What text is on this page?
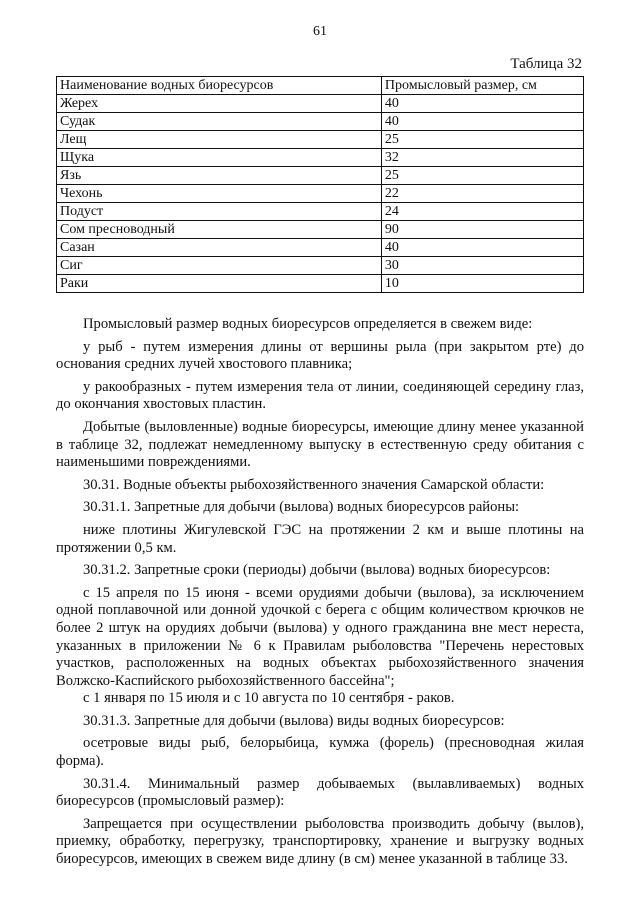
61
Таблица 32
Наименование водных биоресурсов	Промысловый размер, см
Жерех	40
Судак	40
Лещ	25
Щука	32
Язь	25
Чехонь	22
Подуст	24
Сом пресноводный	90
Сазан	40
Сиг	30
Раки	10

Промысловый размер водных биоресурсов определяется в свежем виде:

у рыб - путем измерения длины от вершины рыла (при закрытом рте) до основания средних лучей хвостового плавника;

у ракообразных - путем измерения тела от линии, соединяющей середину глаз, до окончания хвостовых пластин.

Добытые (выловленные) водные биоресурсы, имеющие длину менее указанной в таблице 32, подлежат немедленному выпуску в естественную среду обитания с наименьшими повреждениями.

30.31. Водные объекты рыбохозяйственного значения Самарской области:

30.31.1. Запретные для добычи (вылова) водных биоресурсов районы:

ниже плотины Жигулевской ГЭС на протяжении 2 км и выше плотины на протяжении 0,5 км.

30.31.2. Запретные сроки (периоды) добычи (вылова) водных биоресурсов:

с 15 апреля по 15 июня - всеми орудиями добычи (вылова), за исключением одной поплавочной или донной удочкой с берега с общим количеством крючков не более 2 штук на орудиях добычи (вылова) у одного гражданина вне мест нереста, указанных в приложении № 6 к Правилам рыболовства "Перечень нерестовых участков, расположенных на водных объектах рыбохозяйственного значения Волжско-Каспийского рыбохозяйственного бассейна";

с 1 января по 15 июля и с 10 августа по 10 сентября - раков.

30.31.3. Запретные для добычи (вылова) виды водных биоресурсов:

осетровые виды рыб, белорыбица, кумжа (форель) (пресноводная жилая форма).

30.31.4. Минимальный размер добываемых (вылавливаемых) водных биоресурсов (промысловый размер):

Запрещается при осуществлении рыболовства производить добычу (вылов), приемку, обработку, перегрузку, транспортировку, хранение и выгрузку водных биоресурсов, имеющих в свежем виде длину (в см) менее указанной в таблице 33.
